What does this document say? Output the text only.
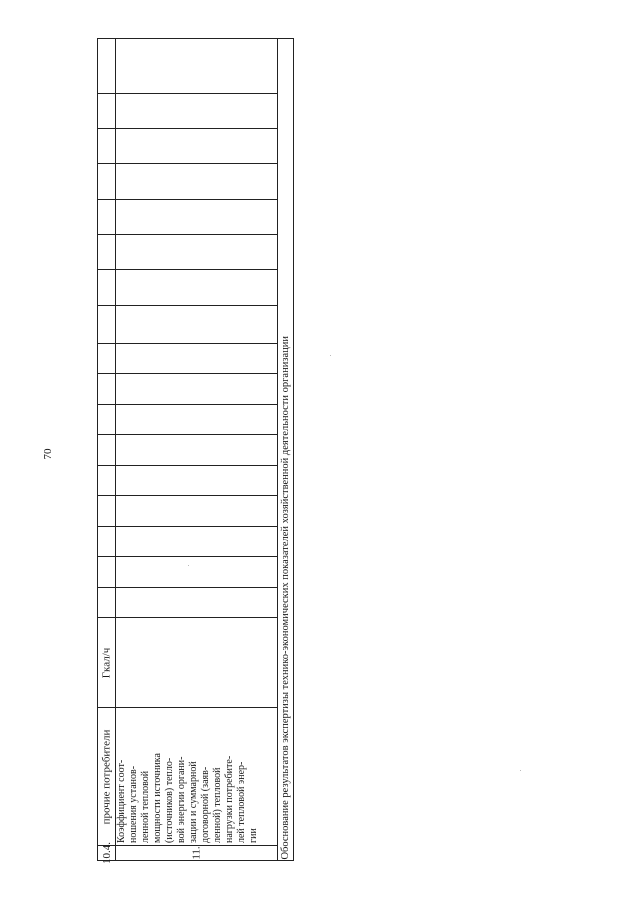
70
10.4.
прочие потребители
Гкал/ч
11.
Коэффициент соот- ношения установ- ленной тепловой мощности источника (источников) тепло- вой энергии органи- зации и суммарной договорной (заяв- ленной) тепловой нагрузки потребите- лей тепловой энер- гии Обоснование результатов экспертизы технико-экономических показателей хозяйственной деятельности организации
